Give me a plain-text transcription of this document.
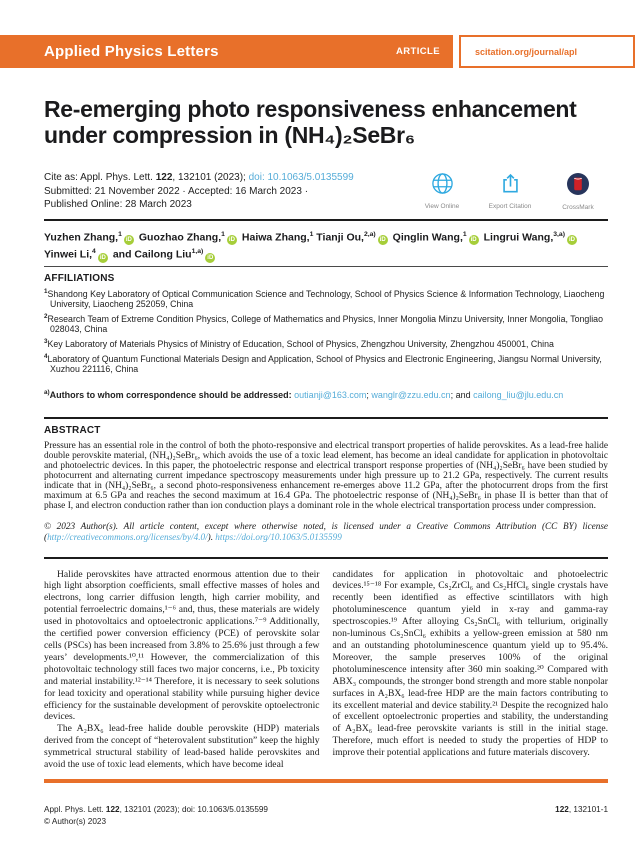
Applied Physics Letters	ARTICLE	scitation.org/journal/apl
Re-emerging photo responsiveness enhancement under compression in (NH₄)₂SeBr₆
Cite as: Appl. Phys. Lett. 122, 132101 (2023); doi: 10.1063/5.0135599
Submitted: 21 November 2022 · Accepted: 16 March 2023 ·
Published Online: 28 March 2023	View Online	Export Citation	CrossMark
Yuzhen Zhang,$^1$iD Guozhao Zhang,$^1$iD Haiwa Zhang,$^1$ Tianji Ou,$^{2,a)}$iD Qinglin Wang,$^1$iD Lingrui Wang,$^{3,a)}$iD Yinwei Li,$^4$iD and Cailong Liu$^{1,a)}$iD
AFFILIATIONS
$^1$Shandong Key Laboratory of Optical Communication Science and Technology, School of Physics Science & Information Technology, Liaocheng University, Liaocheng 252059, China
$^2$Research Team of Extreme Condition Physics, College of Mathematics and Physics, Inner Mongolia Minzu University, Inner Mongolia, Tongliao 028043, China
$^3$Key Laboratory of Materials Physics of Ministry of Education, School of Physics, Zhengzhou University, Zhengzhou 450001, China
$^4$Laboratory of Quantum Functional Materials Design and Application, School of Physics and Electronic Engineering, Jiangsu Normal University, Xuzhou 221116, China
$^{a)}$Authors to whom correspondence should be addressed: outianji@163.com; wanglr@zzu.edu.cn; and cailong_liu@jlu.edu.cn
ABSTRACT

Pressure has an essential role in the control of both the photo-responsive and electrical transport properties of halide perovskites. As a lead-free halide double perovskite material, (NH₄)₂SeBr₆, which avoids the use of a toxic lead element, has become an ideal candidate for application in photovoltaic and photoelectric devices. In this paper, the photoelectric response and electrical transport response properties of (NH₄)₂SeBr₆ have been studied by photocurrent and alternating current impedance spectroscopy measurements under high pressure up to 21.2 GPa, respectively. The current results indicate that in (NH₄)₂SeBr₆, a second photo-responsiveness enhancement re-emerges above 11.2 GPa, after the photocurrent drops from the first maximum at 6.5 GPa and reaches the second maximum at 16.4 GPa. The photoelectric response of (NH₄)₂SeBr₆ in phase II is better than that of phase I, and electron conduction rather than ion conduction plays a dominant role in the whole electrical transportation process under compression.

© 2023 Author(s). All article content, except where otherwise noted, is licensed under a Creative Commons Attribution (CC BY) license (http://creativecommons.org/licenses/by/4.0/). https://doi.org/10.1063/5.0135599

Halide perovskites have attracted enormous attention due to their high light absorption coefficients, small effective masses of holes and electrons, long carrier diffusion length, high carrier mobility, and potential ferroelectric domains,¹⁻⁶ and, thus, these materials are widely used in photovoltaics and optoelectronic applications.⁷⁻⁹ Additionally, the certified power conversion efficiency (PCE) of perovskite solar cells (PSCs) has been increased from 3.8% to 25.6% just through a few years’ developments.¹⁰,¹¹ However, the commercialization of this photovoltaic technology still faces two major concerns, i.e., Pb toxicity and material instability.¹²⁻¹⁴ Therefore, it is necessary to seek solutions for lead toxicity and operational stability while pursuing higher device efficiency for the sustainable development of perovskite optoelectronic devices.

The A₂BX₆ lead-free halide double perovskite (HDP) materials derived from the concept of “heterovalent substitution” keep the highly symmetrical structural stability of lead-based halide perovskites and avoid the use of toxic lead elements, which have become ideal

candidates for application in photovoltaic and photoelectric devices.¹⁵⁻¹⁸ For example, Cs₂ZrCl₆ and Cs₂HfCl₆ single crystals have recently been identified as effective scintillators with high photoluminescence quantum yield in x-ray and gamma-ray spectroscopies.¹⁹ After alloying Cs₂SnCl₆ with tellurium, originally non-luminous Cs₂SnCl₆ exhibits a yellow-green emission at 580 nm and an outstanding photoluminescence quantum yield up to 95.4%. Moreover, the sample preserves 100% of the original photoluminescence intensity after 360 min soaking.²⁰ Compared with ABX₃ compounds, the stronger bond strength and more stable nonpolar surfaces in A₂BX₆ lead-free HDP are the main factors contributing to its excellent material and device stability.²¹ Despite the recognized halo of excellent optoelectronic properties and stability, the understanding of A₂BX₆ lead-free perovskite variants is still in the initial stage. Therefore, much effort is needed to study the properties of HDP to improve their potential applications and future materials discovery.

Appl. Phys. Lett. 122, 132101 (2023); doi: 10.1063/5.0135599
© Author(s) 2023
122, 132101-1
